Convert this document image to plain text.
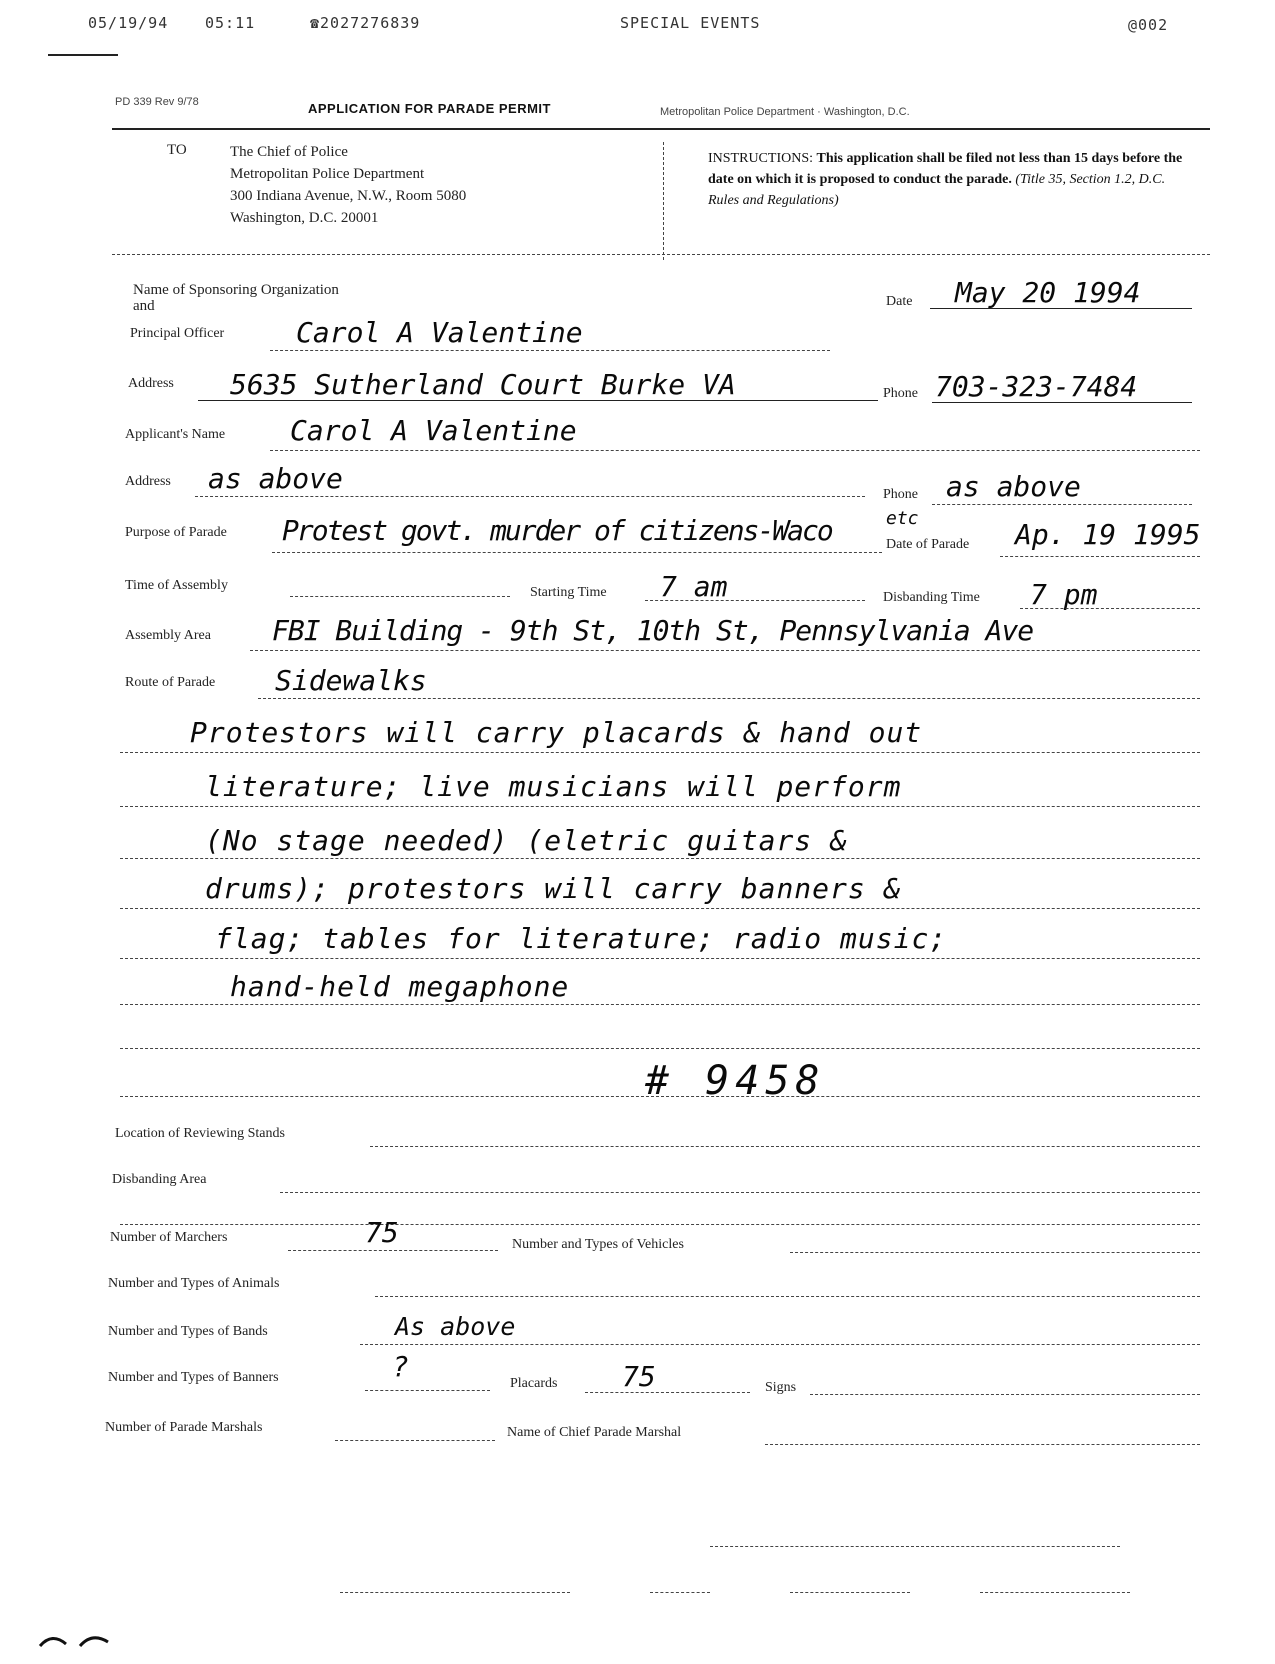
05/19/94 05:11	☎2027276839	SPECIAL EVENTS	@002
PD 339 Rev 9/78	APPLICATION FOR PARADE PERMIT	Metropolitan Police Department · Washington, D.C.
TO	The Chief of Police
Metropolitan Police Department
300 Indiana Avenue, N.W., Room 5080
Washington, D.C. 20001
INSTRUCTIONS: This application shall be filed not less than 15 days before the date on which it is proposed to conduct the parade. (Title 35, Section 1.2, D.C. Rules and Regulations)
Name of Sponsoring Organization
and
Principal Officer	Carol A Valentine
Date May 20 1994
Address 5635 Sutherland Court Burke VA	Phone 703-323-7484
Applicant's Name Carol A Valentine
Address as above	Phone as above
Purpose of Parade Protest govt. murder of citizens-Waco	etc
Date of Parade Ap. 19 1995
Time of Assembly	Starting Time 7 am	Disbanding Time 7 pm
Assembly Area FBI Building - 9th St, 10th St, Pennsylvania Ave
Route of Parade Sidewalks
Protestors will carry placards & hand out
literature; live musicians will perform
(No stage needed) (eletric guitars &
drums); protestors will carry banners &
flag; tables for literature; radio music;
hand-held megaphone
# 9458
Location of Reviewing Stands
Disbanding Area
Number of Marchers	75	Number and Types of Vehicles
Number and Types of Animals
Number and Types of Bands	As above
Number and Types of Banners	?
Placards 75	Signs
Number of Parade Marshals	Name of Chief Parade Marshal
